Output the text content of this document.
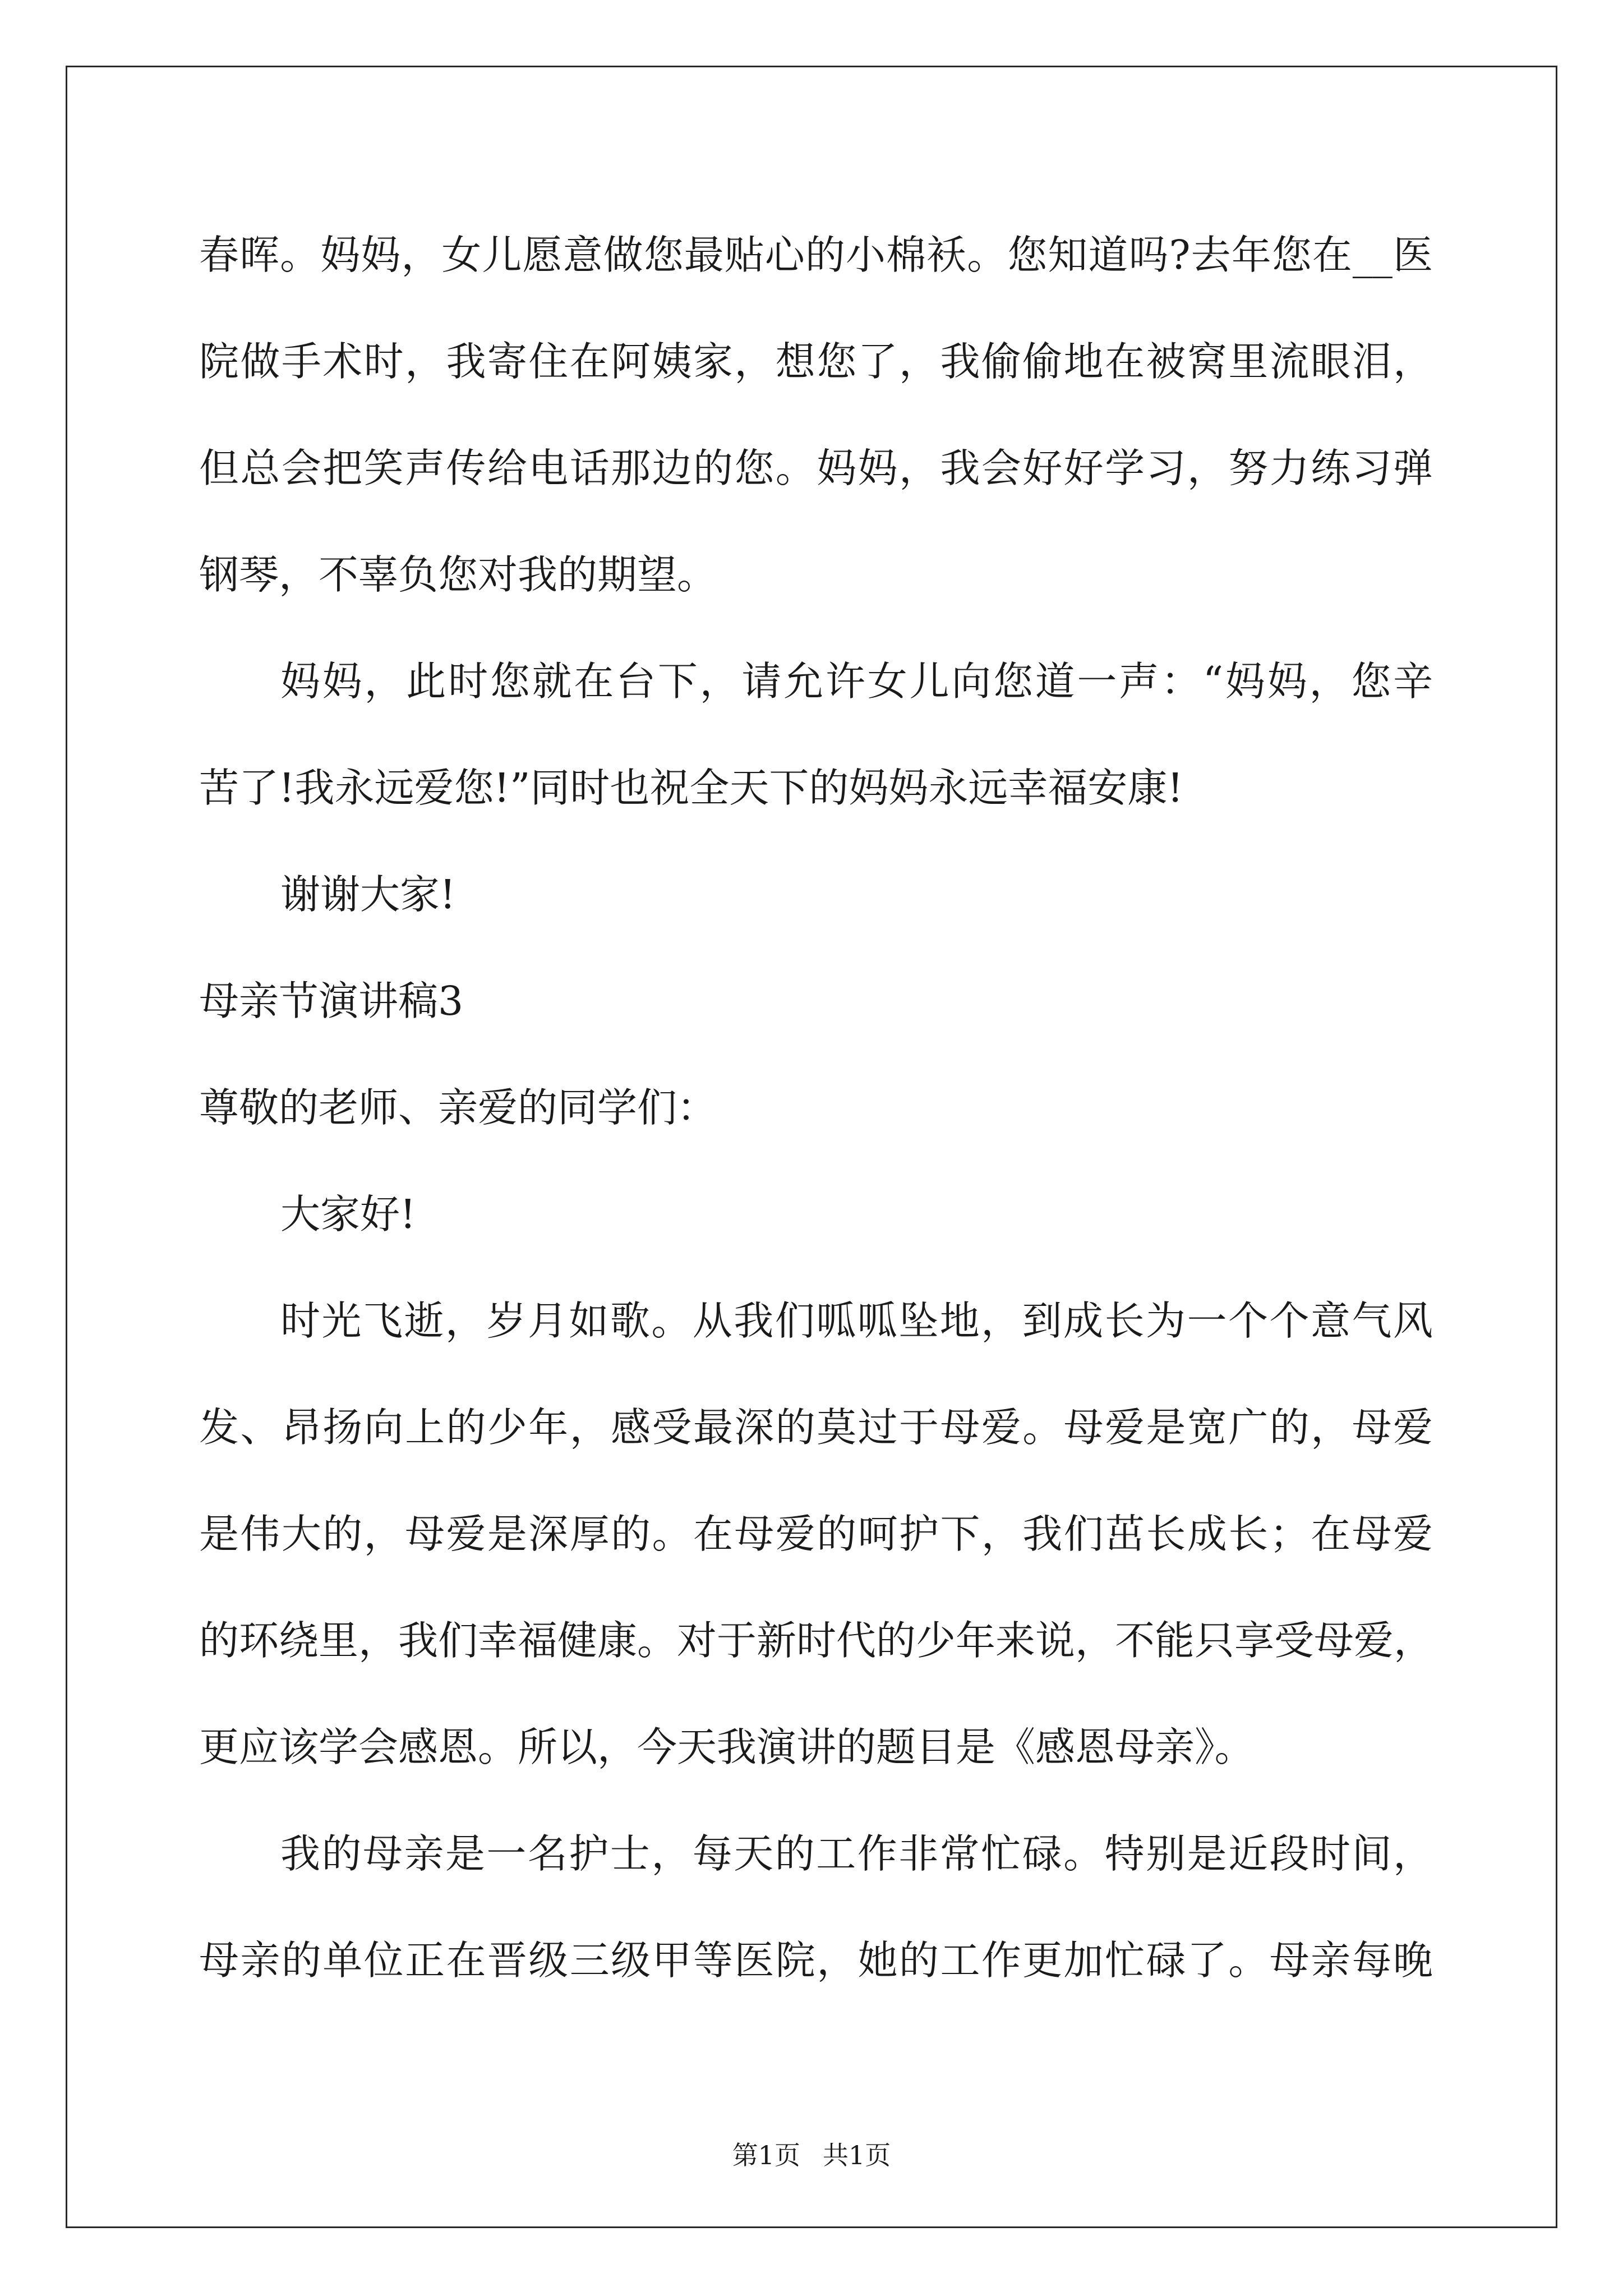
春晖。妈妈，女儿愿意做您最贴心的小棉袄。您知道吗?去年您在__医
院做手术时，我寄住在阿姨家，想您了，我偷偷地在被窝里流眼泪，
但总会把笑声传给电话那边的您。妈妈，我会好好学习，努力练习弹
钢琴，不辜负您对我的期望。
妈妈，此时您就在台下，请允许女儿向您道一声：“妈妈，您辛
苦了!我永远爱您!”同时也祝全天下的妈妈永远幸福安康!
谢谢大家!
母亲节演讲稿3
尊敬的老师、亲爱的同学们：
大家好!
时光飞逝，岁月如歌。从我们呱呱坠地，到成长为一个个意气风
发、昂扬向上的少年，感受最深的莫过于母爱。母爱是宽广的，母爱
是伟大的，母爱是深厚的。在母爱的呵护下，我们茁长成长；在母爱
的环绕里，我们幸福健康。对于新时代的少年来说，不能只享受母爱，
更应该学会感恩。所以，今天我演讲的题目是《感恩母亲》。
我的母亲是一名护士，每天的工作非常忙碌。特别是近段时间，
母亲的单位正在晋级三级甲等医院，她的工作更加忙碌了。母亲每晚
第1页 共1页
